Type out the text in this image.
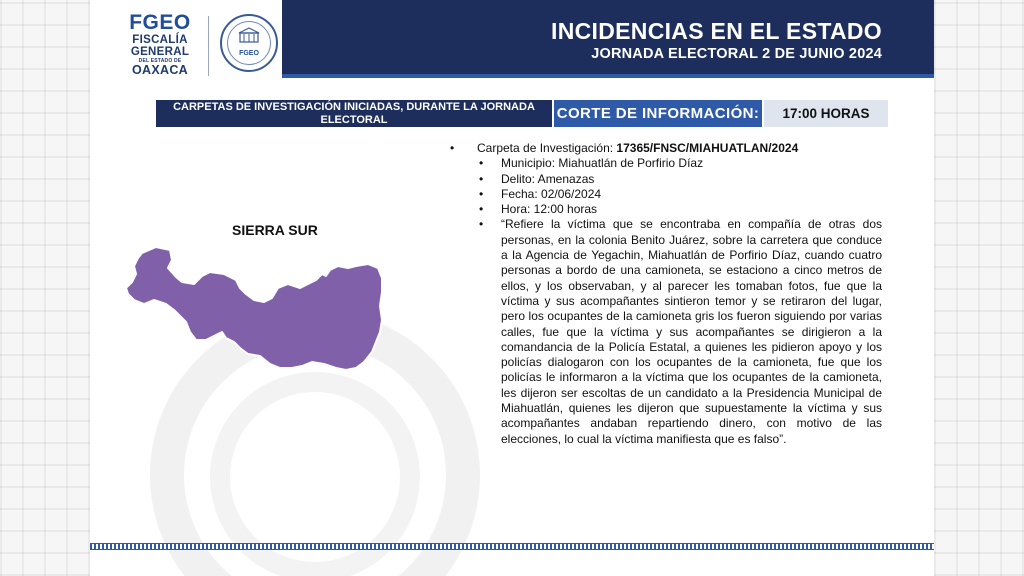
FGEO
FISCALÍA
GENERAL
DEL ESTADO DE
OAXACA
FGEO
INCIDENCIAS EN EL ESTADO
JORNADA ELECTORAL 2 DE JUNIO 2024
CARPETAS DE INVESTIGACIÓN INICIADAS, DURANTE LA JORNADA ELECTORAL	CORTE DE INFORMACIÓN:	17:00 HORAS
SIERRA SUR
• Carpeta de Investigación: 17365/FNSC/MIAHUATLAN/2024
• Municipio: Miahuatlán de Porfirio Díaz
• Delito: Amenazas
• Fecha: 02/06/2024
• Hora: 12:00 horas
• “Refiere la víctima que se encontraba en compañía de otras dos personas, en la colonia Benito Juárez, sobre la carretera que conduce a la Agencia de Yegachin, Miahuatlán de Porfirio Díaz, cuando cuatro personas a bordo de una camioneta, se estaciono a cinco metros de ellos, y los observaban, y al parecer les tomaban fotos, fue que la víctima y sus acompañantes sintieron temor y se retiraron del lugar, pero los ocupantes de la camioneta gris los fueron siguiendo por varias calles, fue que la víctima y sus acompañantes se dirigieron a la comandancia de la Policía Estatal, a quienes les pidieron apoyo y los policías dialogaron con los ocupantes de la camioneta, fue que los policías le informaron a la víctima que los ocupantes de la camioneta, les dijeron ser escoltas de un candidato a la Presidencia Municipal de Miahuatlán, quienes les dijeron que supuestamente la víctima y sus acompañantes andaban repartiendo dinero, con motivo de las elecciones, lo cual la víctima manifiesta que es falso”.
